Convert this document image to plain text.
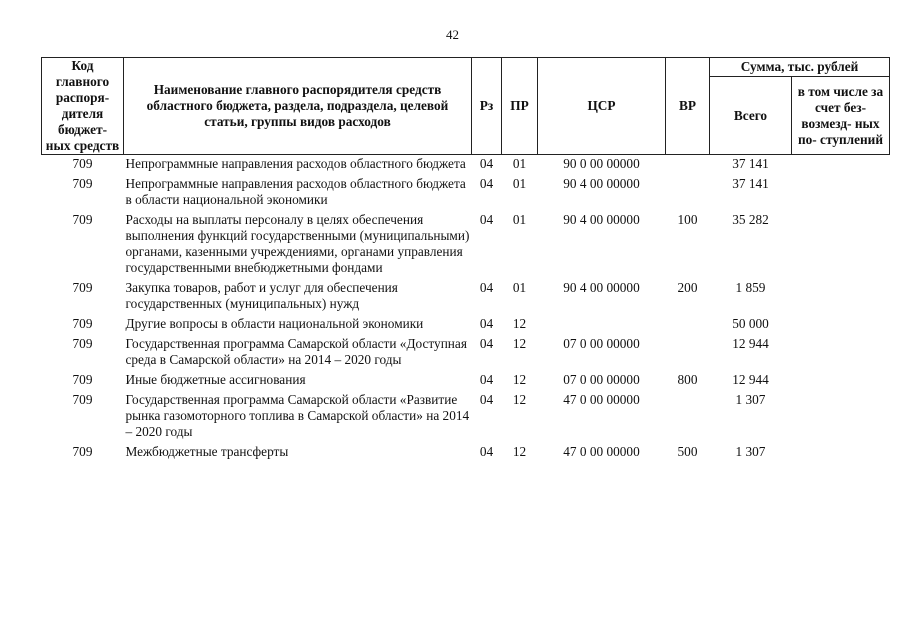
42
Код главного распоря- дителя бюджет- ных средств	Наименование главного распорядителя средств областного бюджета, раздела, подраздела, целевой статьи, группы видов расходов	Рз	ПР	ЦСР	ВР	Сумма, тыс. рублей	
						Всего	в том числе за счет без- возмезд- ных по- ступлений
709	Непрограммные направления расходов областного бюджета	04	01	90 0 00 00000		37 141	
709	Непрограммные направления расходов областного бюджета в области национальной экономики	04	01	90 4 00 00000		37 141	
709	Расходы на выплаты персоналу в целях обеспечения выполнения функций государственными (муниципальными) органами, казенными учреждениями, органами управления государственными внебюджетными фондами	04	01	90 4 00 00000	100	35 282	
709	Закупка товаров, работ и услуг для обеспечения государственных (муниципальных) нужд	04	01	90 4 00 00000	200	1 859	
709	Другие вопросы в области национальной экономики	04	12			50 000	
709	Государственная программа Самарской области «Доступная среда в Самарской области» на 2014 – 2020 годы	04	12	07 0 00 00000		12 944	
709	Иные бюджетные ассигнования	04	12	07 0 00 00000	800	12 944	
709	Государственная программа Самарской области «Развитие рынка газомоторного топлива в Самарской области» на 2014 – 2020 годы	04	12	47 0 00 00000		1 307	
709	Межбюджетные трансферты	04	12	47 0 00 00000	500	1 307	
